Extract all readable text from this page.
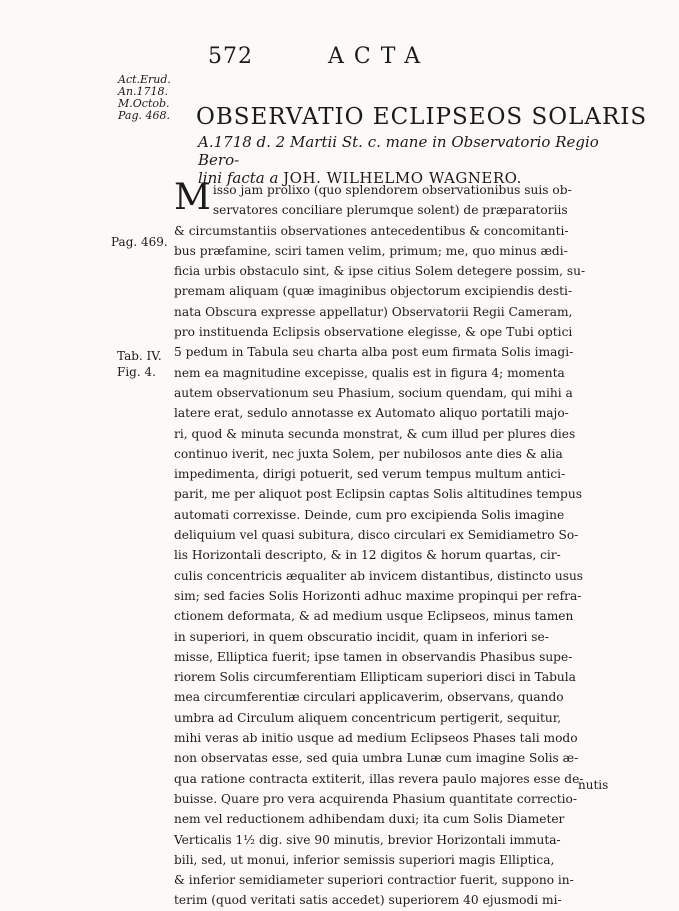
572	ACTA
Act.Erud.
An.1718.
M.Octob.
Pag. 468.	OBSERVATIO ECLIPSEOS SOLARIS
A.1718 d. 2 Martii St. c. mane in Observatorio Regio Bero-
lini facta a JOH. WILHELMO WAGNERO.
Pag. 469.
Tab. IV.
Fig. 4.
Misso jam prolixo (quo splendorem observationibus suis ob-
servatores conciliare plerumque solent) de præparatoriis
& circumstantiis observationes antecedentibus & concomitanti-
bus præfamine, sciri tamen velim, primum; me, quo minus ædi-
ficia urbis obstaculo sint, & ipse citius Solem detegere possim, su-
premam aliquam (quæ imaginibus objectorum excipiendis desti-
nata Obscura expresse appellatur) Observatorii Regii Cameram,
pro instituenda Eclipsis observatione elegisse, & ope Tubi optici
5 pedum in Tabula seu charta alba post eum firmata Solis imagi-
nem ea magnitudine excepisse, qualis est in figura 4; momenta
autem observationum seu Phasium, socium quendam, qui mihi a
latere erat, sedulo annotasse ex Automato aliquo portatili majo-
ri, quod & minuta secunda monstrat, & cum illud per plures dies
continuo iverit, nec juxta Solem, per nubilosos ante dies & alia
impedimenta, dirigi potuerit, sed verum tempus multum antici-
parit, me per aliquot post Eclipsin captas Solis altitudines tempus
automati correxisse. Deinde, cum pro excipienda Solis imagine
deliquium vel quasi subitura, disco circulari ex Semidiametro So-
lis Horizontali descripto, & in 12 digitos & horum quartas, cir-
culis concentricis æqualiter ab invicem distantibus, distincto usus
sim; sed facies Solis Horizonti adhuc maxime propinqui per refra-
ctionem deformata, & ad medium usque Eclipseos, minus tamen
in superiori, in quem obscuratio incidit, quam in inferiori se-
misse, Elliptica fuerit; ipse tamen in observandis Phasibus supe-
riorem Solis circumferentiam Ellipticam superiori disci in Tabula
mea circumferentiæ circulari applicaverim, observans, quando
umbra ad Circulum aliquem concentricum pertigerit, sequitur,
mihi veras ab initio usque ad medium Eclipseos Phases tali modo
non observatas esse, sed quia umbra Lunæ cum imagine Solis æ-
qua ratione contracta extiterit, illas revera paulo majores esse de-
buisse. Quare pro vera acquirenda Phasium quantitate correctio-
nem vel reductionem adhibendam duxi; ita cum Solis Diameter
Verticalis 1½ dig. sive 90 minutis, brevior Horizontali immuta-
bili, sed, ut monui, inferior semissis superiori magis Elliptica,
& inferior semidiameter superiori contractior fuerit, suppono in-
terim (quod veritati satis accedet) superiorem 40 ejusmodi mi-
nutis
